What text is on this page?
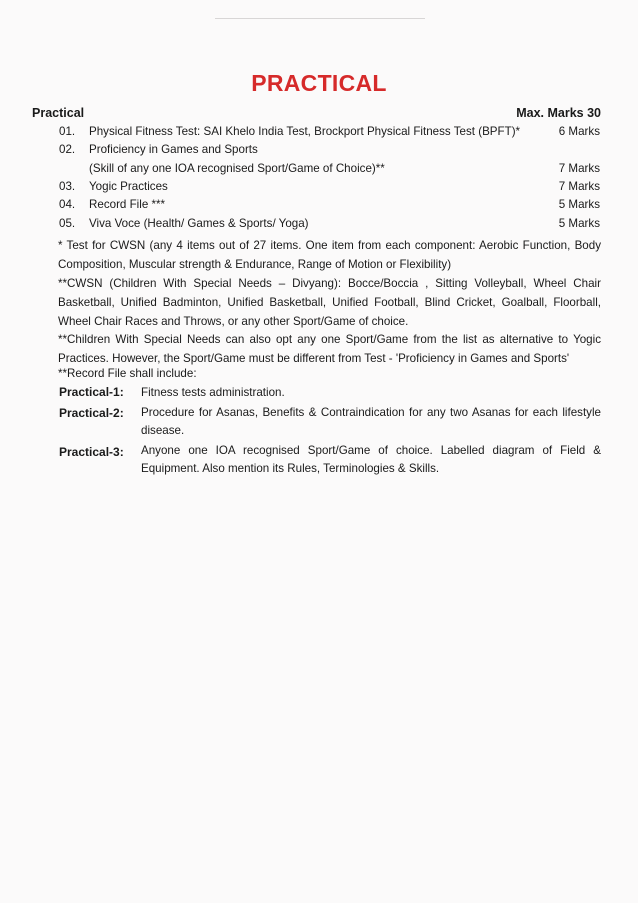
PRACTICAL
Practical	Max. Marks 30
01. Physical Fitness Test: SAI Khelo India Test, Brockport Physical Fitness Test (BPFT)*	6 Marks
02. Proficiency in Games and Sports
(Skill of any one IOA recognised Sport/Game of Choice)**	7 Marks
03. Yogic Practices	7 Marks
04. Record File ***	5 Marks
05. Viva Voce (Health/ Games & Sports/ Yoga)	5 Marks
* Test for CWSN (any 4 items out of 27 items. One item from each component: Aerobic Function, Body Composition, Muscular strength & Endurance, Range of Motion or Flexibility)
**CWSN (Children With Special Needs – Divyang): Bocce/Boccia , Sitting Volleyball, Wheel Chair Basketball, Unified Badminton, Unified Basketball, Unified Football, Blind Cricket, Goalball, Floorball, Wheel Chair Races and Throws, or any other Sport/Game of choice.
**Children With Special Needs can also opt any one Sport/Game from the list as alternative to Yogic Practices. However, the Sport/Game must be different from Test - 'Proficiency in Games and Sports'
**Record File shall include:
Practical-1: Fitness tests administration.
Practical-2: Procedure for Asanas, Benefits & Contraindication for any two Asanas for each lifestyle disease.
Practical-3: Anyone one IOA recognised Sport/Game of choice. Labelled diagram of Field & Equipment. Also mention its Rules, Terminologies & Skills.
